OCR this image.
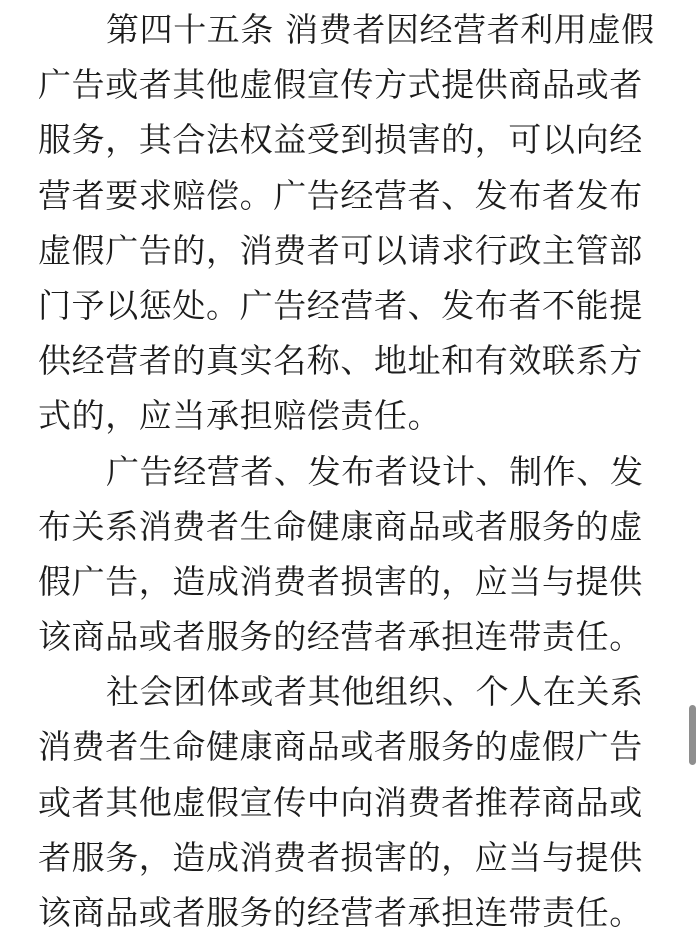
第四十五条 消费者因经营者利用虚假
广告或者其他虚假宣传方式提供商品或者
服务，其合法权益受到损害的，可以向经
营者要求赔偿。广告经营者、发布者发布
虚假广告的，消费者可以请求行政主管部
门予以惩处。广告经营者、发布者不能提
供经营者的真实名称、地址和有效联系方
式的，应当承担赔偿责任。

广告经营者、发布者设计、制作、发
布关系消费者生命健康商品或者服务的虚
假广告，造成消费者损害的，应当与提供
该商品或者服务的经营者承担连带责任。

社会团体或者其他组织、个人在关系
消费者生命健康商品或者服务的虚假广告
或者其他虚假宣传中向消费者推荐商品或
者服务，造成消费者损害的，应当与提供
该商品或者服务的经营者承担连带责任。
